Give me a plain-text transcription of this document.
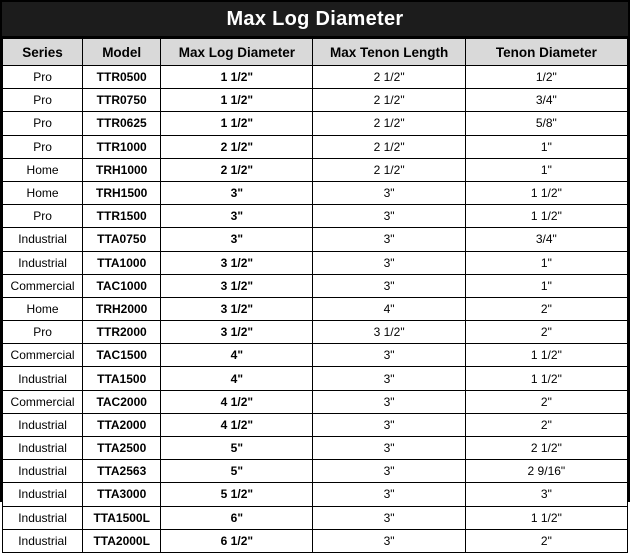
Max Log Diameter
Series	Model	Max Log Diameter	Max Tenon Length	Tenon Diameter
Pro	TTR0500	1 1/2"	2 1/2"	1/2"
Pro	TTR0750	1 1/2"	2 1/2"	3/4"
Pro	TTR0625	1 1/2"	2 1/2"	5/8"
Pro	TTR1000	2 1/2"	2 1/2"	1"
Home	TRH1000	2 1/2"	2 1/2"	1"
Home	TRH1500	3"	3"	1 1/2"
Pro	TTR1500	3"	3"	1 1/2"
Industrial	TTA0750	3"	3"	3/4"
Industrial	TTA1000	3 1/2"	3"	1"
Commercial	TAC1000	3 1/2"	3"	1"
Home	TRH2000	3 1/2"	4"	2"
Pro	TTR2000	3 1/2"	3 1/2"	2"
Commercial	TAC1500	4"	3"	1 1/2"
Industrial	TTA1500	4"	3"	1 1/2"
Commercial	TAC2000	4 1/2"	3"	2"
Industrial	TTA2000	4 1/2"	3"	2"
Industrial	TTA2500	5"	3"	2 1/2"
Industrial	TTA2563	5"	3"	2 9/16"
Industrial	TTA3000	5 1/2"	3"	3"
Industrial	TTA1500L	6"	3"	1 1/2"
Industrial	TTA2000L	6 1/2"	3"	2"
